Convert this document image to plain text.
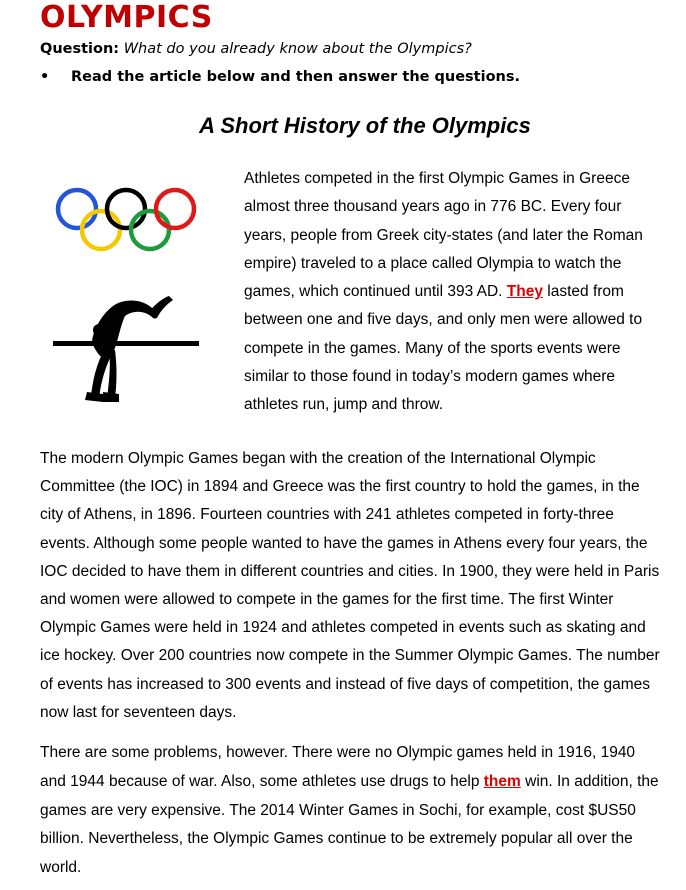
OLYMPICS
Question: What do you already know about the Olympics?
• Read the article below and then answer the questions.
A Short History of the Olympics

Athletes competed in the first Olympic Games in Greece almost three thousand years ago in 776 BC. Every four years, people from Greek city-states (and later the Roman empire) traveled to a place called Olympia to watch the games, which continued until 393 AD. They lasted from between one and five days, and only men were allowed to compete in the games. Many of the sports events were similar to those found in today’s modern games where athletes run, jump and throw.

The modern Olympic Games began with the creation of the International Olympic Committee (the IOC) in 1894 and Greece was the first country to hold the games, in the city of Athens, in 1896. Fourteen countries with 241 athletes competed in forty-three events. Although some people wanted to have the games in Athens every four years, the IOC decided to have them in different countries and cities. In 1900, they were held in Paris and women were allowed to compete in the games for the first time. The first Winter Olympic Games were held in 1924 and athletes competed in events such as skating and ice hockey. Over 200 countries now compete in the Summer Olympic Games. The number of events has increased to 300 events and instead of five days of competition, the games now last for seventeen days.

There are some problems, however. There were no Olympic games held in 1916, 1940 and 1944 because of war. Also, some athletes use drugs to help them win. In addition, the games are very expensive. The 2014 Winter Games in Sochi, for example, cost $US50 billion. Nevertheless, the Olympic Games continue to be extremely popular all over the world.
